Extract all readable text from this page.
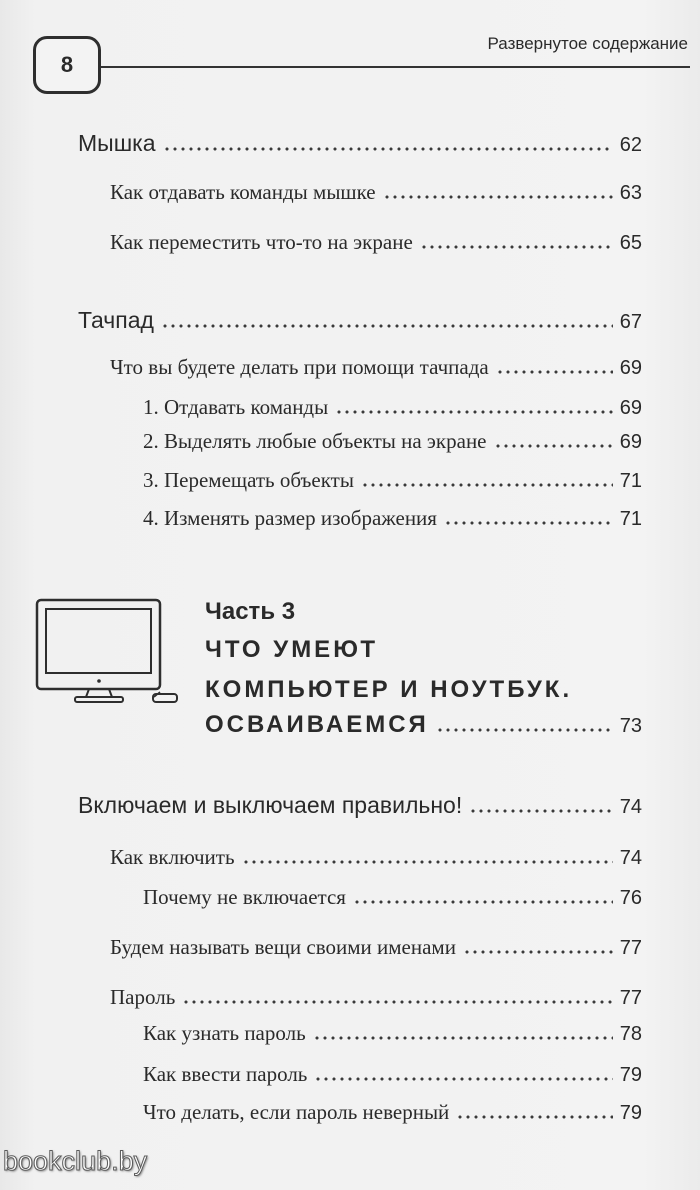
8
Развернутое содержание
Мышка	62
Как отдавать команды мышке	63
Как переместить что-то на экране	65
Тачпад	67
Что вы будете делать при помощи тачпада	69
1. Отдавать команды	69
2. Выделять любые объекты на экране	69
3. Перемещать объекты	71
4. Изменять размер изображения	71
Часть 3
ЧТО УМЕЮТ
КОМПЬЮТЕР И НОУТБУК.
ОСВАИВАЕМСЯ	73
Включаем и выключаем правильно!	74
Как включить	74
Почему не включается	76
Будем называть вещи своими именами	77
Пароль	77
Как узнать пароль	78
Как ввести пароль	79
Что делать, если пароль неверный	79
bookclub.by
